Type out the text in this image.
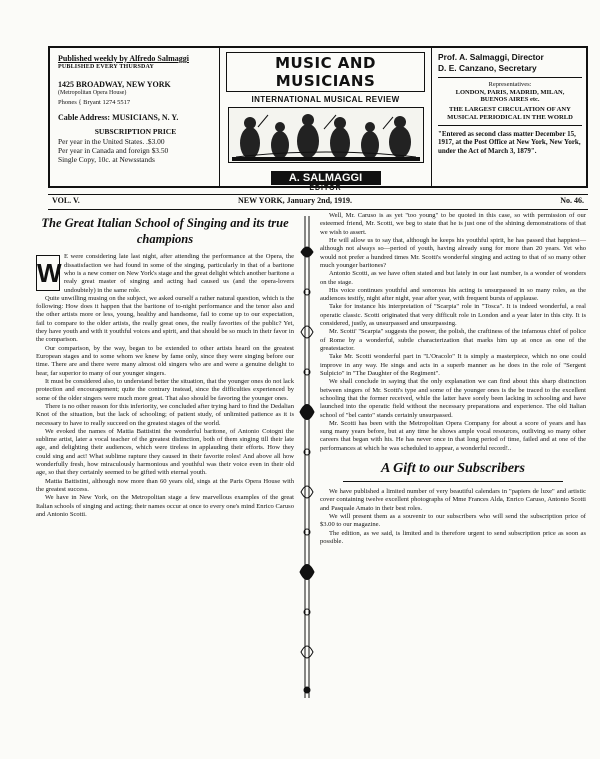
Published weekly by Alfredo Salmaggi
PUBLISHED EVERY THURSDAY
1425 BROADWAY, NEW YORK
(Metropolitan Opera House)
Phones { Bryant 1274 5517
Cable Address: MUSICIANS, N. Y.
SUBSCRIPTION PRICE
Per year in the United States. .$3.00
Per year in Canada and foreign $3.50
Single Copy, 10c. at Newsstands
MUSIC AND MUSICIANS
INTERNATIONAL MUSICAL REVIEW
A. SALMAGGI
EDITOR
Prof. A. Salmaggi, Director
D. E. Canzano, Secretary
Representatives:
LONDON, PARIS, MADRID, MILAN,
BUENOS AIRES etc.
THE LARGEST CIRCULATION OF ANY MUSICAL PERIODICAL IN THE WORLD
"Entered as second class matter December 15, 1917, at the Post Office at New York, New York, under the Act of March 3, 1879".
VOL. V.	NEW YORK, January 2nd, 1919.	No. 46.
The Great Italian School of Singing and its true champions
W

E were considering late last night, after attending the performance at the Opera, the dissatisfaction we had found in some of the singing, particularly in that of a baritone who is a new comer on New York's stage and the great delight which another baritone a realy great master of singing and acting had caused us (and the opera-lovers undoubtely) in the same role.

Quite unwilling musing on the subject, we asked ourself a rather natural question, which is the following: How does it happen that the baritone of to-night performance and the tenor also and the other artists more or less, young, healthy and handsome, fail to come up to our expectation, fail to compare to the older artists, the really great ones, the really favorites of the public? Yet, they have youth and with it youthful voices and spirit, and that should be so much in their favor in the comparison.

Our comparison, by the way, began to be extended to other artists heard on the greatest European stages and to some whom we knew by fame only, since they were singing before our time. There are and there were many almost old singers who are and were a genuine delight to hear, far superior to many of our younger singers.

It must be considered also, to understand better the situation, that the younger ones do not lack protection and encouragement; quite the contrary instead, since the difficulties experienced by some of the older singers were much more great. That also should be favoring the younger ones.

There is no other reason for this inferiority, we concluded after trying hard to find the Dedalian Knot of the situation, but the lack of schooling; of patient study, of unlimited patience as it is necessary to have to really succeed on the greatest stages of the world.

We evoked the names of Mattia Battistini the wonderful baritone, of Antonio Cotogni the sublime artist, later a vocal teacher of the greatest distinction, both of them singing till their late age, and delighting their audiences, which were tireless in applauding their efforts. How they could sing and act! What sublime rapture they caused in their favorite roles! And above all how wonderfully fresh, how miraculously harmonious and youthful was their voice even in their old age, so that they certainly seemed to be gifted with eternal youth.

Mattia Battistini, although now more than 60 years old, sings at the Paris Opera House with the greatest success.

We have in New York, on the Metropolitan stage a few marvellous examples of the great Italian schools of singing and acting; their names occur at once to every one's mind Enrico Caruso and Antonio Scotti.

Well, Mr. Caruso is as yet "too young" to be quoted in this case, so with permission of our esteemed friend, Mr. Scotti, we beg to state that he is just one of the shining demonstrations of that we wish to assert.

He will allow us to say that, although he keeps his youthful spirit, he has passed that happiest—although not always so—period of youth, having already sung for more than 20 years. Yet who would not prefer a hundred times Mr. Scotti's wonderful singing and acting to that of so many other much younger baritones?

Antonio Scotti, as we have often stated and but lately in our last number, is a wonder of wonders on the stage.

His voice continues youthful and sonorous his acting is unsurpassed in so many roles, as the audiences testify, night after night, year after year, with frequent bursts of applause.

Take for instance his interpretation of "Scarpia" role in "Tosca". It is indeed wonderful, a real operatic classic. Scotti originated that very difficult role in London and a year later in this city. It is considered, justly, as unsurpassed and unsurpassing.

Mr. Scotti' "Scarpia" suggests the power, the polish, the craftiness of the infamous chief of police of Rome by a wonderful, subtle characterization that marks him up at once as one of the greatestactor.

Take Mr. Scotti wonderful part in "L'Oracolo" It is simply a masterpiece, which no one could improve in any way. He sings and acts in a superb manner as he does in the role of "Sergent Sulpicio" in "The Daughter of the Regiment".

We shall conclude in saying that the only explanation we can find about this sharp distinction between singers of Mr. Scotti's type and some of the younger ones is the be traced to the excellent schooling that the former received, while the latter have sorely been lacking in schooling and have launched into the operatic field without the necessary preparations and experience. The old Italian school of "bel canto" stands certainly unsurpassed.

Mr. Scotti has been with the Metropolitan Opera Company for about a score of years and has sung many years before, but at any time he shows ample vocal resources, outliving so many other careers that began with his. He has never once in that long period of time, failed and at one of the performances at which he was scheduled to appear, a wonderful record!..

A Gift to our Subscribers

We have published a limited number of very beautiful calendars in "papiers de luxe" and artistic cover containing twelve excellent photographs of Mme Frances Alda, Enrico Caruso, Antonio Scotti and Pasquale Amato in their best roles.

We will present them as a souvenir to our subscribers who will send the subscription price of $3.00 to our magazine.

The edition, as we said, is limited and is therefore urgent to send subscription price as soon as possible.
